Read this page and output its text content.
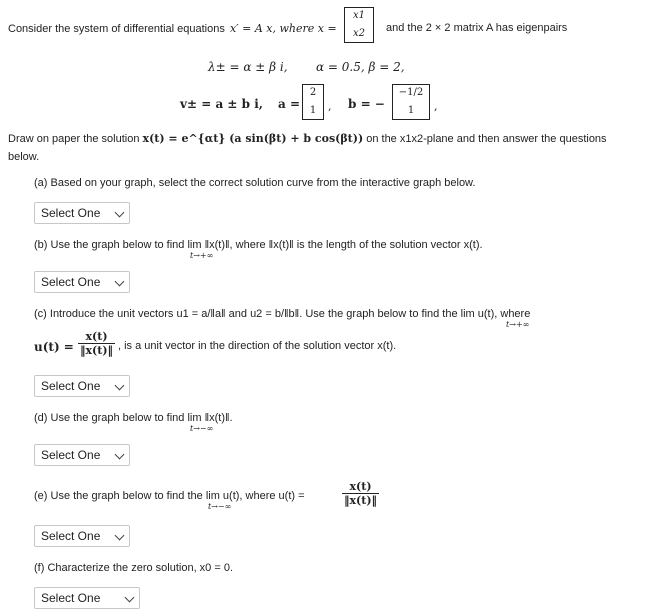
Consider the system of differential equations x′ = A x, where x =
x1
x2	and the 2 × 2 matrix A has eigenpairs
λ± = α ± β i, α = 0.5, β = 2,
v± = a ± b i, a =
2
1	, b = −
−1/2
1	,
Draw on paper the solution x(t) = e^{αt} (a sin(βt) + b cos(βt)) on the x1x2-plane and then answer the questions
below.
(a) Based on your graph, select the correct solution curve from the interactive graph below.
Select One
(b) Use the graph below to find lim ‖x(t)‖, where ‖x(t)‖ is the length of the solution vector x(t).
t→+∞
Select One
(c) Introduce the unit vectors u1 = a/‖a‖ and u2 = b/‖b‖. Use the graph below to find the lim u(t), where
t→+∞
$u(t) = \frac{x(t)}{‖x(t)‖}$ , is a unit vector in the direction of the solution vector x(t).
Select One
(d) Use the graph below to find lim ‖x(t)‖.
t→−∞
Select One
(e) Use the graph below to find the lim u(t), where u(t) =
t→−∞	$\frac{x(t)}{‖x(t)‖}$
Select One
(f) Characterize the zero solution, x0 = 0.
Select One
